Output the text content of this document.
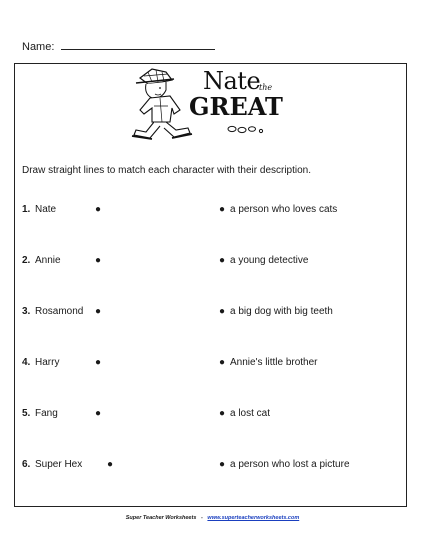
Name:
Nate
the
GREAT
Draw straight lines to match each character with their description.
1. Nate	●	● a person who loves cats
2. Annie	●	● a young detective
3. Rosamond ●	● a big dog with big teeth
4. Harry	●	● Annie's little brother
5. Fang	●	● a lost cat
6. Super Hex ●	● a person who lost a picture
Super Teacher Worksheets - www.superteacherworksheets.com
